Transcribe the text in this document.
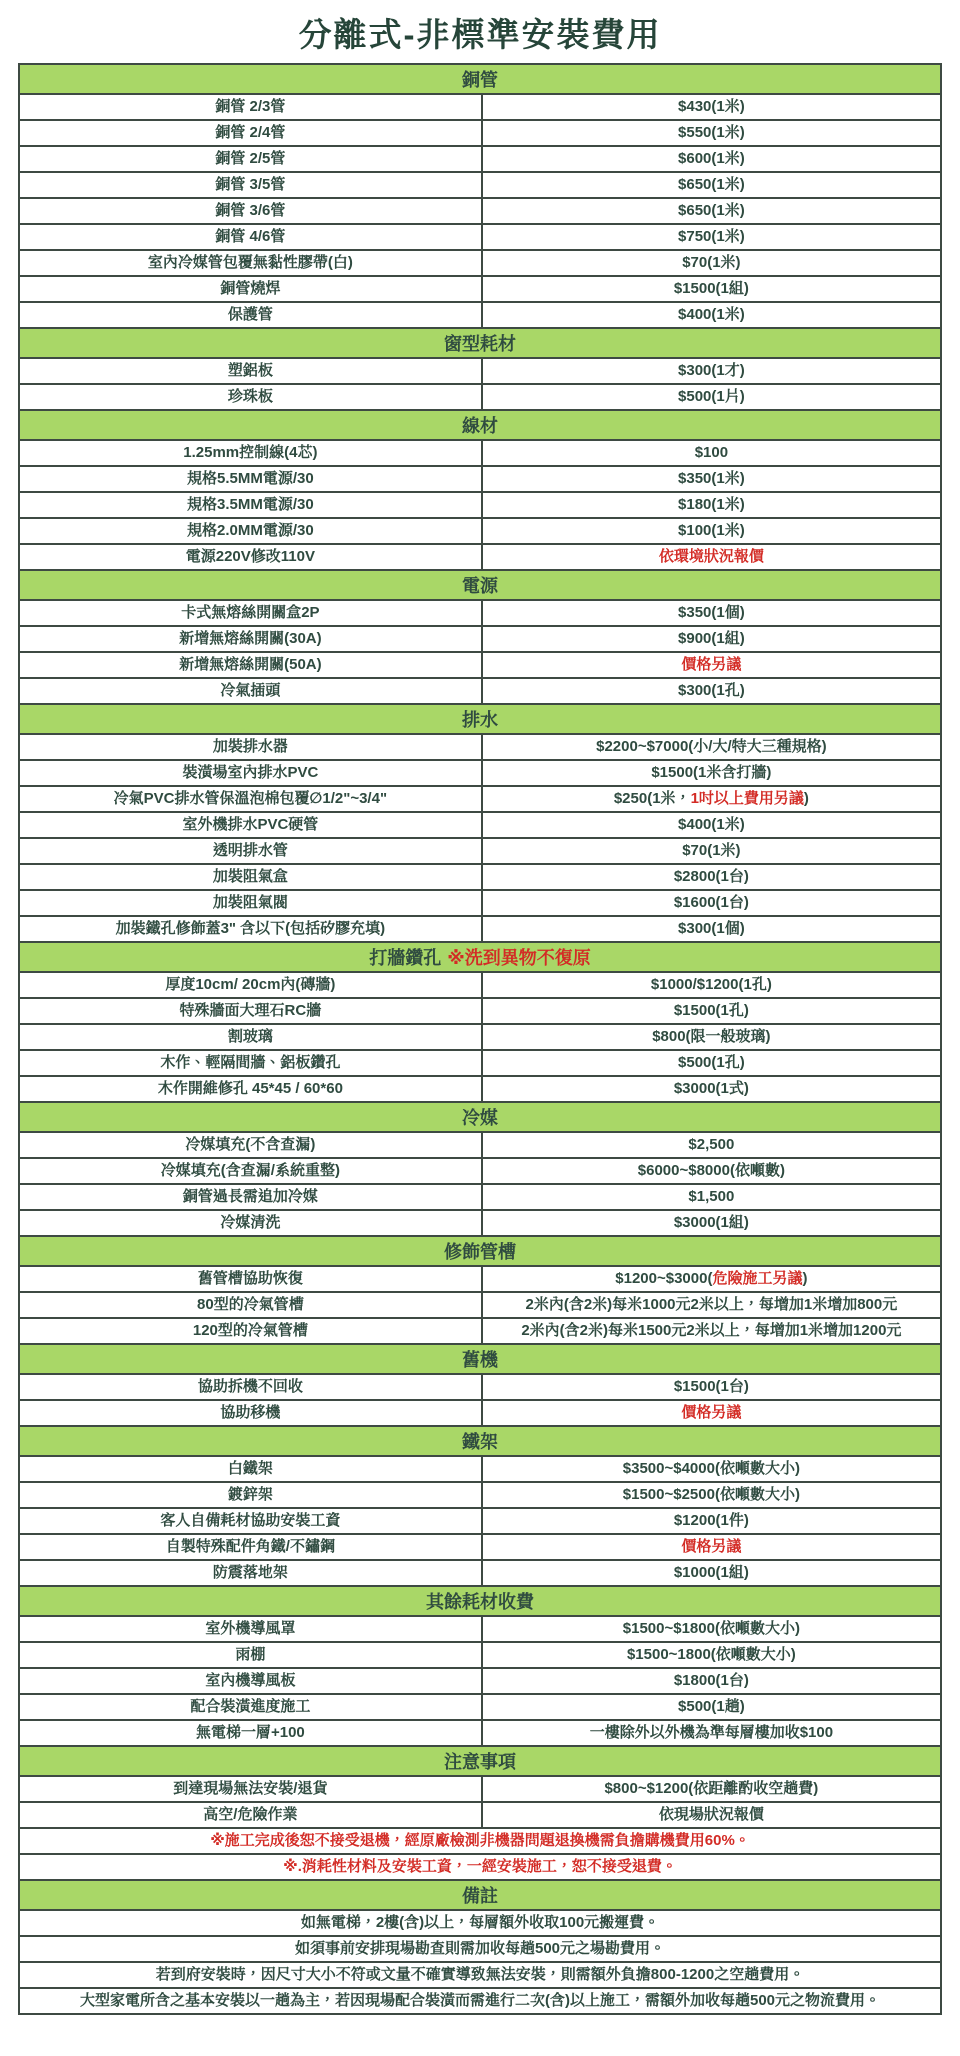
分離式-非標準安裝費用
銅管
銅管 2/3管	$430(1米)
銅管 2/4管	$550(1米)
銅管 2/5管	$600(1米)
銅管 3/5管	$650(1米)
銅管 3/6管	$650(1米)
銅管 4/6管	$750(1米)
室內冷媒管包覆無黏性膠帶(白)	$70(1米)
銅管燒焊	$1500(1組)
保護管	$400(1米)
窗型耗材
塑鋁板	$300(1才)
珍珠板	$500(1片)
線材
1.25mm控制線(4芯)	$100
規格5.5MM電源/30	$350(1米)
規格3.5MM電源/30	$180(1米)
規格2.0MM電源/30	$100(1米)
電源220V修改110V	依環境狀況報價
電源
卡式無熔絲開關盒2P	$350(1個)
新增無熔絲開關(30A)	$900(1組)
新增無熔絲開關(50A)	價格另議
冷氣插頭	$300(1孔)
排水
加裝排水器	$2200~$7000(小/大/特大三種規格)
裝潢場室內排水PVC	$1500(1米含打牆)
冷氣PVC排水管保溫泡棉包覆∅1/2"~3/4"	$250(1米， 1吋以上費用另議 )
室外機排水PVC硬管	$400(1米)
透明排水管	$70(1米)
加裝阻氣盒	$2800(1台)
加裝阻氣閥	$1600(1台)
加裝鐵孔修飾蓋3" 含以下(包括矽膠充填)	$300(1個)
打牆鑽孔 ※洗到異物不復原
厚度10cm/ 20cm內(磚牆)	$1000/$1200(1孔)
特殊牆面大理石RC牆	$1500(1孔)
割玻璃	$800(限一般玻璃)
木作、輕隔間牆、鋁板鑽孔	$500(1孔)
木作開維修孔 45*45 / 60*60	$3000(1式)
冷媒
冷媒填充(不含查漏)	$2,500
冷媒填充(含查漏/系統重整)	$6000~$8000(依噸數)
銅管過長需追加冷媒	$1,500
冷媒清洗	$3000(1組)
修飾管槽
舊管槽協助恢復	$1200~$3000( 危險施工另議 )
80型的冷氣管槽	2米內(含2米)每米1000元2米以上，每增加1米增加800元
120型的冷氣管槽	2米內(含2米)每米1500元2米以上，每增加1米增加1200元
舊機
協助拆機不回收	$1500(1台)
協助移機	價格另議
鐵架
白鐵架	$3500~$4000(依噸數大小)
鍍鋅架	$1500~$2500(依噸數大小)
客人自備耗材協助安裝工資	$1200(1件)
自製特殊配件角鐵/不鏽鋼	價格另議
防震落地架	$1000(1組)
其餘耗材收費
室外機導風罩	$1500~$1800(依噸數大小)
雨棚	$1500~1800(依噸數大小)
室內機導風板	$1800(1台)
配合裝潢進度施工	$500(1趟)
無電梯一層+100	一樓除外以外機為準每層樓加收$100
注意事項
到達現場無法安裝/退貨	$800~$1200(依距離酌收空趟費)
高空/危險作業	依現場狀況報價
※施工完成後恕不接受退機，經原廠檢測非機器問題退換機需負擔購機費用60%。
※.消耗性材料及安裝工資，一經安裝施工，恕不接受退費。
備註
如無電梯，2樓(含)以上，每層額外收取100元搬運費。
如須事前安排現場勘查則需加收每趟500元之場勘費用。
若到府安裝時，因尺寸大小不符或文量不確實導致無法安裝，則需額外負擔800-1200之空趟費用。
大型家電所含之基本安裝以一趟為主，若因現場配合裝潢而需進行二次(含)以上施工，需額外加收每趟500元之物流費用。
